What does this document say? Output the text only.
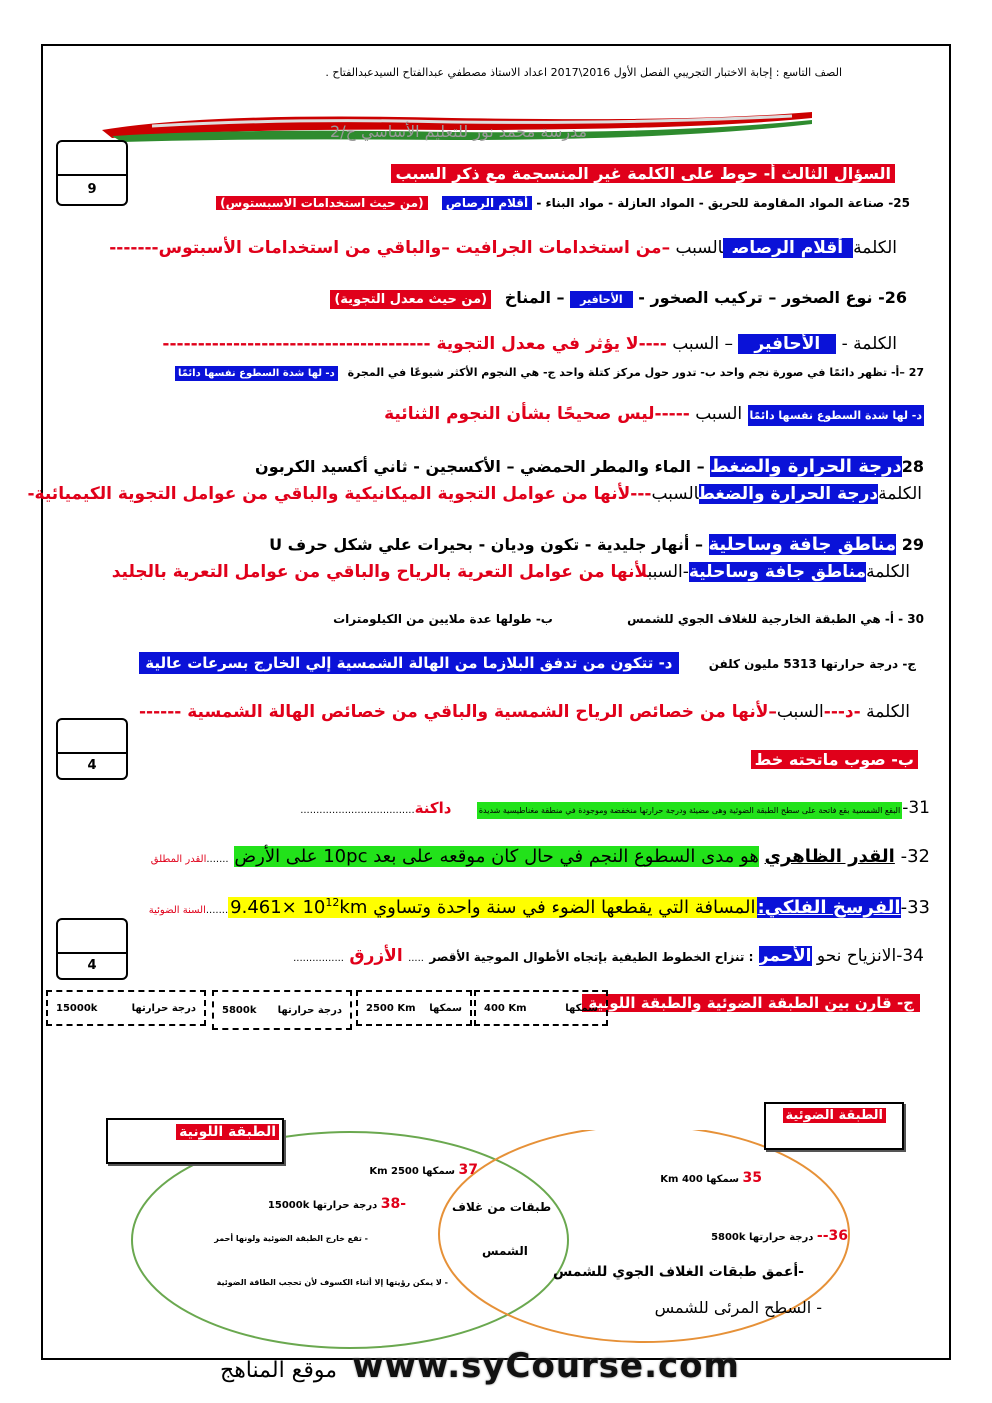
الصف التاسع : إجابة الاختبار التجريبي الفصل الأول 2016\2017 اعداد الاستاذ مصطفي عبدالفتاح السيدعبدالفتاح .
مدرسة محمد نور للتعليم الأساسي ح/2
9
4
4
السؤال الثالث أ- حوط على الكلمة غير المنسجمة مع ذكر السبب
25- صناعة المواد المقاومة للحريق - المواد العازلة - مواد البناء - أقلام الرصاص (من حيث استخدامات الاسبستوس)
الكلمةأقلام الرصاصالسبب –من استخدامات الجرافيت –والباقي من استخدامات الأسبتوس-------
26- نوع الصخور – تركيب الصخور - الأحافير – المناخ (من حيث معدل التجوية)
الكلمة - الأحافير – السبب ----لا يؤثر في معدل التجوية --------------------------------------
27 –أ- تظهر دائمًا في صورة نجم واحد ب- تدور حول مركز كتلة واحد ج- هي النجوم الأكثر شيوعًا في المجرة د- لها شدة السطوع نفسها دائمًا
د- لها شدة السطوع نفسها دائمًا السبب -----ليس صحيحًا بشأن النجوم الثنائية
28درجة الحرارة والضغط – الماء والمطر الحمضي – الأكسجين - ثاني أكسيد الكربون
الكلمةدرجة الحرارة والضغطالسبب---لأنها من عوامل التجوية الميكانيكية والباقي من عوامل التجوية الكيميائية-
29 مناطق جافة وساحلية – أنهار جليدية - تكون وديان - بحيرات علي شكل حرف U
الكلمةمناطق جافة وساحلية-السببلأنها من عوامل التعرية بالرياح والباقي من عوامل التعرية بالجليد
30 - أ- هي الطبقة الخارجية للغلاف الجوي للشمس ب- طولها عدة ملايين من الكيلومترات
ج- درجة حرارتها 5313 مليون كلفن د- تتكون من تدفق البلازما من الهالة الشمسية إلي الخارج بسرعات عالية
الكلمة -د---السبب–لأنها من خصائص الرياح الشمسية والباقي من خصائص الهالة الشمسية ------
ب- صوب ماتحته خط
31-البقع الشمسية بقع فاتحة على سطح الطبقة الضوئية وهى مضيئة ودرجة حرارتها منخفضة وموجودة في منطقة مغناطيسية شديدة داكنة....................................
32- القدر الظاهري هو مدى السطوع النجم في حال كان موقعه على بعد 10pc على الأرض .......القدر المطلق
33-الفرسخ الفلكي:المسافة التي يقطعها الضوء في سنة واحدة وتساوي $9.461\times 10^{12}km.......السنة$ الضوئية
34-الانزياح نحو الأحمر : تنزاح الخطوط الطيفية بإتجاه الأطوال الموجية الأقصر ..... الأزرق ................
ج- قارن بين الطبقة الضوئية والطبقة اللونية
سمكها
400 Km
سمكها
2500 Km
درجة حرارتها
5800k
درجة حرارتها
15000k
الطبقة اللونية
الطبقة الضوئية
طبقات من غلاف
الشمس
37 سمكها 2500 Km
-38 درجة حرارتها 15000k
- تقع خارج الطبقة الضوئية ولونها أحمر
- لا يمكن رؤيتها إلا أثناء الكسوف لأن تحجب الطاقة الضوئية
35 سمكها 400 Km
36-- درجة حرارتها 5800k
-أعمق طبقات الغلاف الجوي للشمس
- السطح المرئى للشمس
موقع المناهج www.syCourse.com
